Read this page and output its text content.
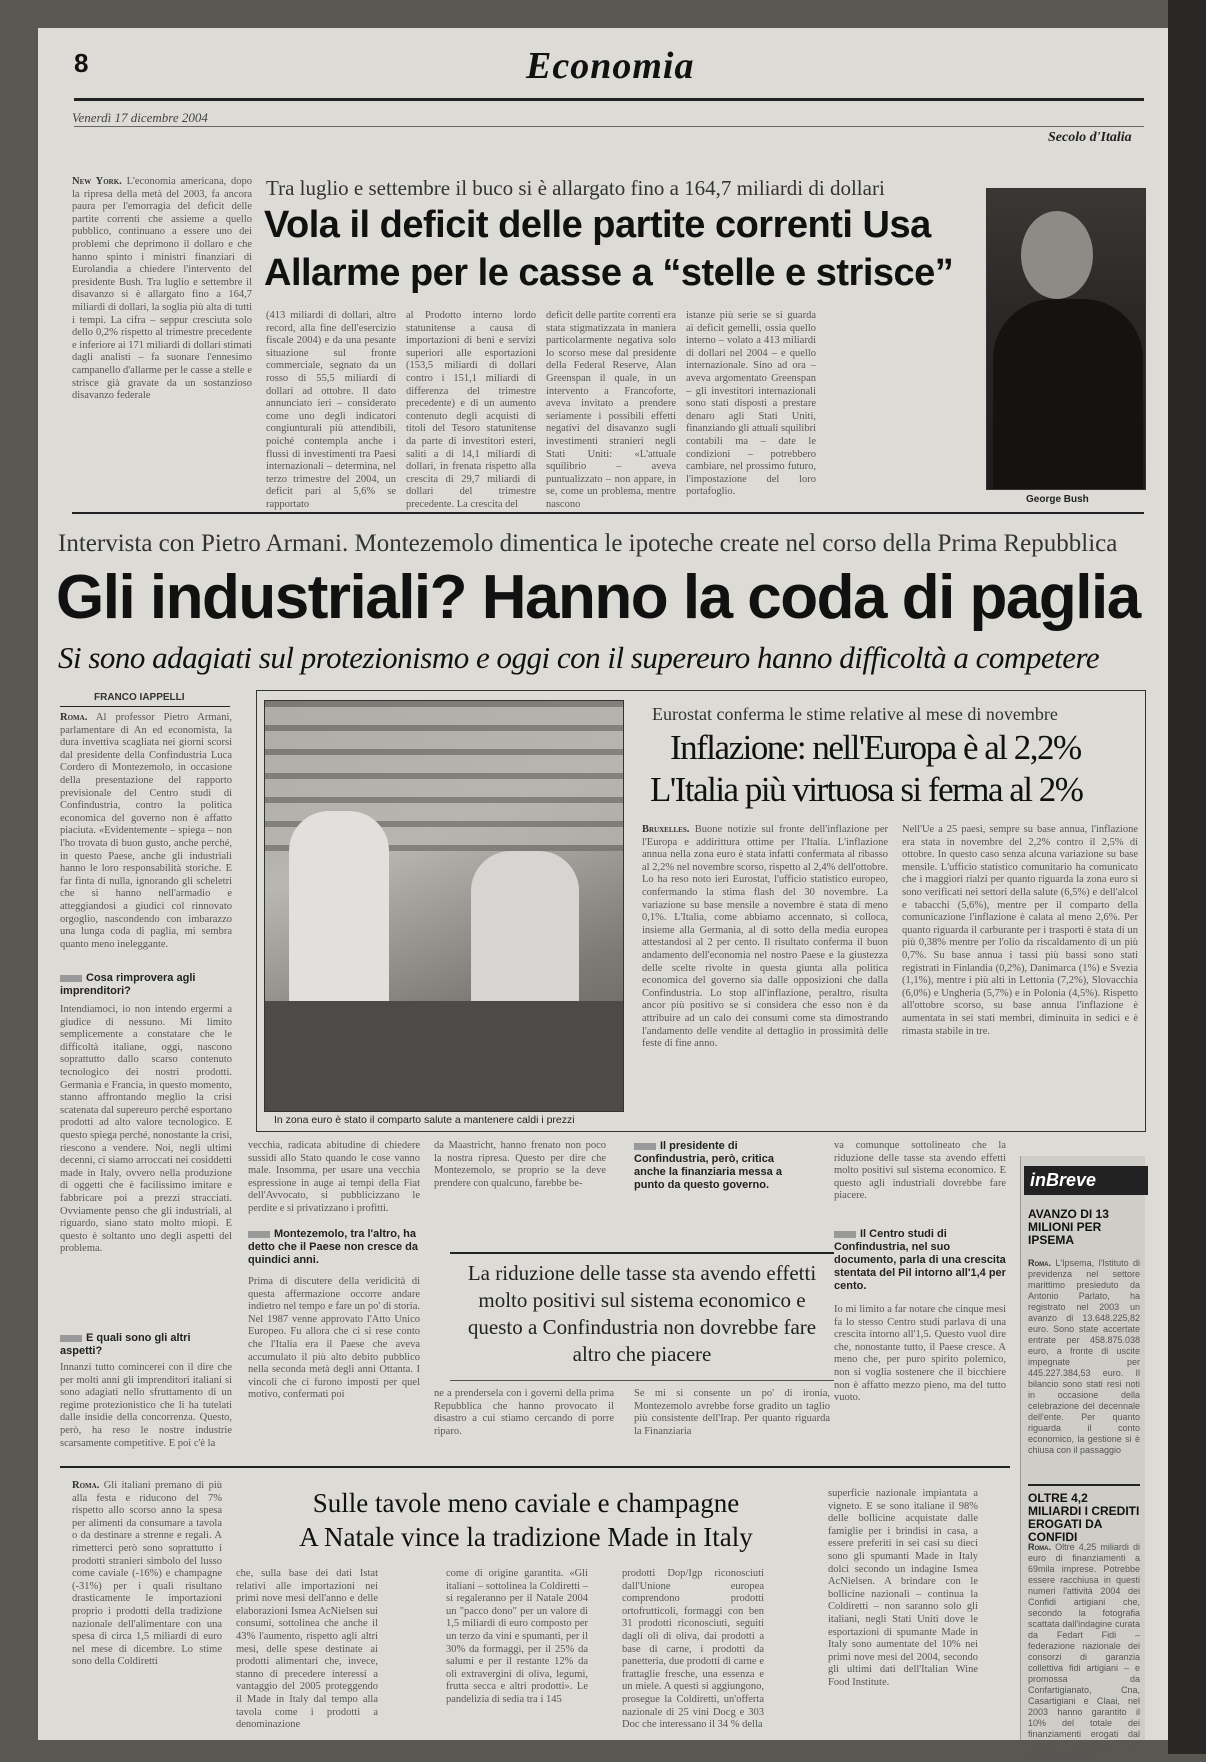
8	Economia
Venerdì 17 dicembre 2004
Secolo d'Italia
New York. L'economia americana, dopo la ripresa della metà del 2003, fa ancora paura per l'emorragia del deficit delle partite correnti che assieme a quello pubblico, continuano a essere uno dei problemi che deprimono il dollaro e che hanno spinto i ministri finanziari di Eurolandia a chiedere l'intervento del presidente Bush. Tra luglio e settembre il disavanzo si è allargato fino a 164,7 miliardi di dollari, la soglia più alta di tutti i tempi. La cifra – seppur cresciuta solo dello 0,2% rispetto al trimestre precedente e inferiore ai 171 miliardi di dollari stimati dagli analisti – fa suonare l'ennesimo campanello d'allarme per le casse a stelle e strisce già gravate da un sostanzioso disavanzo federale
Tra luglio e settembre il buco si è allargato fino a 164,7 miliardi di dollari
Vola il deficit delle partite correnti Usa
Allarme per le casse a “stelle e strisce”
(413 miliardi di dollari, altro record, alla fine dell'esercizio fiscale 2004) e da una pesante situazione sul fronte commerciale, segnato da un rosso di 55,5 miliardi di dollari ad ottobre. Il dato annunciato ieri – considerato come uno degli indicatori congiunturali più attendibili, poiché contempla anche i flussi di investimenti tra Paesi internazionali – determina, nel terzo trimestre del 2004, un deficit pari al 5,6% se rapportato
al Prodotto interno lordo statunitense a causa di importazioni di beni e servizi superiori alle esportazioni (153,5 miliardi di dollari contro i 151,1 miliardi di differenza del trimestre precedente) e di un aumento contenuto degli acquisti di titoli del Tesoro statunitense da parte di investitori esteri, saliti a di 14,1 miliardi di dollari, in frenata rispetto alla crescita di 29,7 miliardi di dollari del trimestre precedente. La crescita del
deficit delle partite correnti era stata stigmatizzata in maniera particolarmente negativa solo lo scorso mese dal presidente della Federal Reserve, Alan Greenspan il quale, in un intervento a Francoforte, aveva invitato a prendere seriamente i possibili effetti negativi del disavanzo sugli investimenti stranieri negli Stati Uniti: «L'attuale squilibrio – aveva puntualizzato – non appare, in se, come un problema, mentre nascono
istanze più serie se si guarda ai deficit gemelli, ossia quello interno – volato a 413 miliardi di dollari nel 2004 – e quello internazionale. Sino ad ora – aveva argomentato Greenspan – gli investitori internazionali sono stati disposti a prestare denaro agli Stati Uniti, finanziando gli attuali squilibri contabili ma – date le condizioni – potrebbero cambiare, nel prossimo futuro, l'impostazione del loro portafoglio.
George Bush
Intervista con Pietro Armani. Montezemolo dimentica le ipoteche create nel corso della Prima Repubblica
Gli industriali? Hanno la coda di paglia
Si sono adagiati sul protezionismo e oggi con il supereuro hanno difficoltà a competere
FRANCO IAPPELLI
Roma. Al professor Pietro Armani, parlamentare di An ed economista, la dura invettiva scagliata nei giorni scorsi dal presidente della Confindustria Luca Cordero di Montezemolo, in occasione della presentazione del rapporto previsionale del Centro studi di Confindustria, contro la politica economica del governo non è affatto piaciuta. «Evidentemente – spiega – non l'ho trovata di buon gusto, anche perché, in questo Paese, anche gli industriali hanno le loro responsabilità storiche. E far finta di nulla, ignorando gli scheletri che si hanno nell'armadio e atteggiandosi a giudici col rinnovato orgoglio, nascondendo con imbarazzo una lunga coda di paglia, mi sembra quanto meno ineleggante.
Cosa rimprovera agli imprenditori?
Intendiamoci, io non intendo ergermi a giudice di nessuno. Mi limito semplicemente a constatare che le difficoltà italiane, oggi, nascono soprattutto dallo scarso contenuto tecnologico dei nostri prodotti. Germania e Francia, in questo momento, stanno affrontando meglio la crisi scatenata dal supereuro perché esportano prodotti ad alto valore tecnologico. E questo spiega perché, nonostante la crisi, riescono a vendere. Noi, negli ultimi decenni, ci siamo arroccati nei cosiddetti made in Italy, ovvero nella produzione di oggetti che è facilissimo imitare e fabbricare poi a prezzi stracciati. Ovviamente penso che gli industriali, al riguardo, siano stato molto miopi. E questo è soltanto uno degli aspetti del problema.
E quali sono gli altri aspetti?
Innanzi tutto comincerei con il dire che per molti anni gli imprenditori italiani si sono adagiati nello sfruttamento di un regime protezionistico che li ha tutelati dalle insidie della concorrenza. Questo, però, ha reso le nostre industrie scarsamente competitive. E poi c'è la
In zona euro è stato il comparto salute a mantenere caldi i prezzi
Eurostat conferma le stime relative al mese di novembre
Inflazione: nell'Europa è al 2,2%
L'Italia più virtuosa si ferma al 2%
Bruxelles. Buone notizie sul fronte dell'inflazione per l'Europa e addirittura ottime per l'Italia. L'inflazione annua nella zona euro è stata infatti confermata al ribasso al 2,2% nel novembre scorso, rispetto al 2,4% dell'ottobre. Lo ha reso noto ieri Eurostat, l'ufficio statistico europeo, confermando la stima flash del 30 novembre. La variazione su base mensile a novembre è stata di meno 0,1%. L'Italia, come abbiamo accennato, si colloca, insieme alla Germania, al di sotto della media europea attestandosi al 2 per cento. Il risultato conferma il buon andamento dell'economia nel nostro Paese e la giustezza delle scelte rivolte in questa giunta alla politica economica del governo sia dalle opposizioni che dalla Confindustria. Lo stop all'inflazione, peraltro, risulta ancor più positivo se si considera che esso non è da attribuire ad un calo dei consumi come sta dimostrando l'andamento delle vendite al dettaglio in prossimità delle feste di fine anno.
Nell'Ue a 25 paesi, sempre su base annua, l'inflazione era stata in novembre del 2,2% contro il 2,5% di ottobre. In questo caso senza alcuna variazione su base mensile. L'ufficio statistico comunitario ha comunicato che i maggiori rialzi per quanto riguarda la zona euro si sono verificati nei settori della salute (6,5%) e dell'alcol e tabacchi (5,6%), mentre per il comparto della comunicazione l'inflazione è calata al meno 2,6%. Per quanto riguarda il carburante per i trasporti è stata di un più 0,38% mentre per l'olio da riscaldamento di un più 0,7%. Su base annua i tassi più bassi sono stati registrati in Finlandia (0,2%), Danimarca (1%) e Svezia (1,1%), mentre i più alti in Lettonia (7,2%), Slovacchia (6,0%) e Ungheria (5,7%) e in Polonia (4,5%). Rispetto all'ottobre scorso, su base annua l'inflazione è aumentata in sei stati membri, diminuita in sedici e è rimasta stabile in tre.
vecchia, radicata abitudine di chiedere sussidi allo Stato quando le cose vanno male. Insomma, per usare una vecchia espressione in auge ai tempi della Fiat dell'Avvocato, si pubblicizzano le perdite e si privatizzano i profitti.
Montezemolo, tra l'altro, ha detto che il Paese non cresce da quindici anni.
Prima di discutere della veridicità di questa affermazione occorre andare indietro nel tempo e fare un po' di storia. Nel 1987 venne approvato l'Atto Unico Europeo. Fu allora che ci si rese conto che l'Italia era il Paese che aveva accumulato il più alto debito pubblico nella seconda metà degli anni Ottanta. I vincoli che ci furono imposti per quel motivo, confermati poi
da Maastricht, hanno frenato non poco la nostra ripresa. Questo per dire che Montezemolo, se proprio se la deve prendere con qualcuno, farebbe be-
Il presidente di Confindustria, però, critica anche la finanziaria messa a punto da questo governo.
La riduzione delle tasse sta avendo effetti molto positivi sul sistema economico e questo a Confindustria non dovrebbe fare altro che piacere
ne a prendersela con i governi della prima Repubblica che hanno provocato il disastro a cui stiamo cercando di porre riparo.
Se mi si consente un po' di ironia, Montezemolo avrebbe forse gradito un taglio più consistente dell'Irap. Per quanto riguarda la Finanziaria
va comunque sottolineato che la riduzione delle tasse sta avendo effetti molto positivi sul sistema economico. E questo agli industriali dovrebbe fare piacere.
Il Centro studi di Confindustria, nel suo documento, parla di una crescita stentata del Pil intorno all'1,4 per cento.
Io mi limito a far notare che cinque mesi fa lo stesso Centro studi parlava di una crescita intorno all'1,5. Questo vuol dire che, nonostante tutto, il Paese cresce. A meno che, per puro spirito polemico, non si voglia sostenere che il bicchiere non è affatto mezzo pieno, ma del tutto vuoto.
Roma. Gli italiani premano di più alla festa e riducono del 7% rispetto allo scorso anno la spesa per alimenti da consumare a tavola o da destinare a strenne e regali. A rimetterci però sono soprattutto i prodotti stranieri simbolo del lusso come caviale (-16%) e champagne (-31%) per i quali risultano drasticamente le importazioni proprio i prodotti della tradizione nazionale dell'alimentare con una spesa di circa 1,5 miliardi di euro nel mese di dicembre. Lo stime sono della Coldiretti
Sulle tavole meno caviale e champagne
A Natale vince la tradizione Made in Italy
che, sulla base dei dati Istat relativi alle importazioni nei primi nove mesi dell'anno e delle elaborazioni Ismea AcNielsen sui consumi, sottolinea che anche il 43% l'aumento, rispetto agli altri mesi, delle spese destinate ai prodotti alimentari che, invece, stanno di precedere interessi a vantaggio del 2005 proteggendo il Made in Italy dal tempo alla tavola come i prodotti a denominazione
come di origine garantita. «Gli italiani – sottolinea la Coldiretti – si regaleranno per il Natale 2004 un "pacco dono" per un valore di 1,5 miliardi di euro composto per un terzo da vini e spumanti, per il 30% da formaggi, per il 25% da salumi e per il restante 12% da oli extravergini di oliva, legumi, frutta secca e altri prodotti». Le pandelizia di sedia tra i 145
prodotti Dop/Igp riconosciuti dall'Unione europea comprendono prodotti ortofrutticoli, formaggi con ben 31 prodotti riconosciuti, seguiti dagli oli di oliva, dai prodotti a base di carne, i prodotti da panetteria, due prodotti di carne e frattaglie fresche, una essenza e un miele. A questi si aggiungono, prosegue la Coldiretti, un'offerta nazionale di 25 vini Docg e 303 Doc che interessano il 34 % della
superficie nazionale impiantata a vigneto. E se sono italiane il 98% delle bollicine acquistate dalle famiglie per i brindisi in casa, a essere preferiti in sei casi su dieci sono gli spumanti Made in Italy dolci secondo un indagine Ismea AcNielsen. A brindare con le bollicine nazionali – continua la Coldiretti – non saranno solo gli italiani, negli Stati Uniti dove le esportazioni di spumante Made in Italy sono aumentate del 10% nei primi nove mesi del 2004, secondo gli ultimi dati dell'Italian Wine Food Institute.
inBreve
AVANZO DI 13 MILIONI PER IPSEMA
Roma. L'Ipsema, l'Istituto di previdenza nel settore marittimo presieduto da Antonio Parlato, ha registrato nel 2003 un avanzo di 13.648.225,82 euro. Sono state accertate entrate per 458.875.038 euro, a fronte di uscite impegnate per 445.227.384,53 euro. Il bilancio sono stati resi noti in occasione della celebrazione del decennale dell'ente. Per quanto riguarda il conto economico, la gestione si è chiusa con il passaggio
OLTRE 4,2 MILIARDI I CREDITI EROGATI DA CONFIDI
Roma. Oltre 4,25 miliardi di euro di finanziamenti a 69mila imprese. Potrebbe essere racchiusa in questi numeri l'attività 2004 dei Confidi artigiani che, secondo la fotografia scattata dall'indagine curata da Fedart Fidi – federazione nazionale dei consorzi di garanzia collettiva fidi artigiani – e promossa da Confartigianato, Cna, Casartigiani e Claai, nel 2003 hanno garantito il 10% del totale dei finanziamenti erogati dal sistema bancario alle imprese artigiane.
